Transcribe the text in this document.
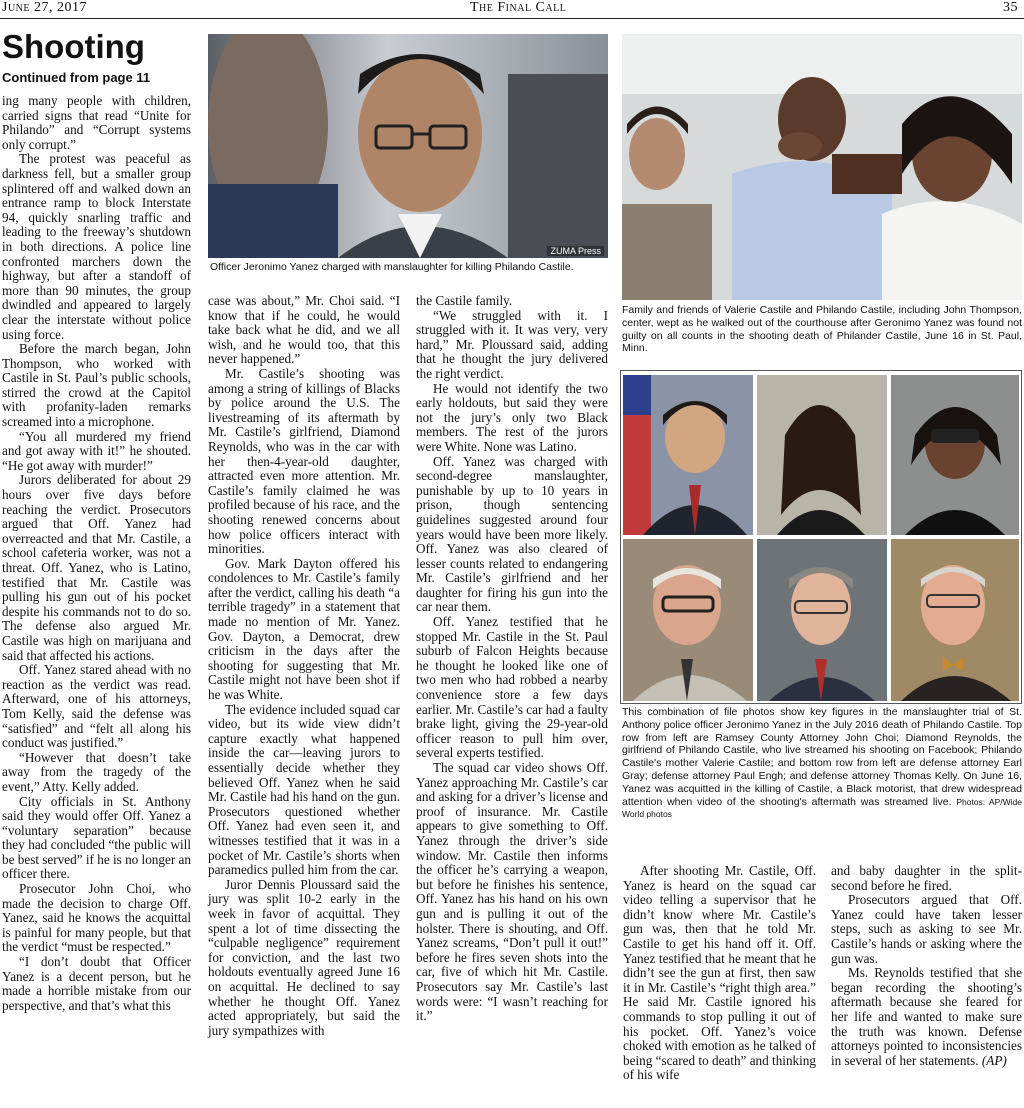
June 27, 2017	The Final Call	35
Shooting
Continued from page 11

ing many people with children, carried signs that read “Unite for Philando” and “Corrupt systems only corrupt.”

The protest was peaceful as darkness fell, but a smaller group splintered off and walked down an entrance ramp to block Interstate 94, quickly snarling traffic and leading to the freeway’s shutdown in both directions. A police line confronted marchers down the highway, but after a standoff of more than 90 minutes, the group dwindled and appeared to largely clear the interstate without police using force.

Before the march began, John Thompson, who worked with Castile in St. Paul’s public schools, stirred the crowd at the Capitol with profanity-laden remarks screamed into a microphone.

“You all murdered my friend and got away with it!” he shouted. “He got away with murder!”

Jurors deliberated for about 29 hours over five days before reaching the verdict. Prosecutors argued that Off. Yanez had overreacted and that Mr. Castile, a school cafeteria worker, was not a threat. Off. Yanez, who is Latino, testified that Mr. Castile was pulling his gun out of his pocket despite his commands not to do so. The defense also argued Mr. Castile was high on marijuana and said that affected his actions.

Off. Yanez stared ahead with no reaction as the verdict was read. Afterward, one of his attorneys, Tom Kelly, said the defense was “satisfied” and “felt all along his conduct was justified.”

“However that doesn’t take away from the tragedy of the event,” Atty. Kelly added.

City officials in St. Anthony said they would offer Off. Yanez a “voluntary separation” because they had concluded “the public will be best served” if he is no longer an officer there.

Prosecutor John Choi, who made the decision to charge Off. Yanez, said he knows the acquittal is painful for many people, but that the verdict “must be respected.”

“I don’t doubt that Officer Yanez is a decent person, but he made a horrible mistake from our perspective, and that’s what this

ZUMA Press
Officer Jeronimo Yanez charged with manslaughter for killing Philando Castile.
Family and friends of Valerie Castile and Philando Castile, including John Thompson, center, wept as he walked out of the courthouse after Geronimo Yanez was found not guilty on all counts in the shooting death of Philander Castile, June 16 in St. Paul, Minn.
This combination of file photos show key figures in the manslaughter trial of St. Anthony police officer Jeronimo Yanez in the July 2016 death of Philando Castile. Top row from left are Ramsey County Attorney John Choi; Diamond Reynolds, the girlfriend of Philando Castile, who live streamed his shooting on Facebook; Philando Castile's mother Valerie Castile; and bottom row from left are defense attorney Earl Gray; defense attorney Paul Engh; and defense attorney Thomas Kelly. On June 16, Yanez was acquitted in the killing of Castile, a Black motorist, that drew widespread attention when video of the shooting's aftermath was streamed live. Photos: AP/Wide World photos

case was about,” Mr. Choi said. “I know that if he could, he would take back what he did, and we all wish, and he would too, that this never happened.”

Mr. Castile’s shooting was among a string of killings of Blacks by police around the U.S. The livestreaming of its aftermath by Mr. Castile’s girlfriend, Diamond Reynolds, who was in the car with her then-4-year-old daughter, attracted even more attention. Mr. Castile’s family claimed he was profiled because of his race, and the shooting renewed concerns about how police officers interact with minorities.

Gov. Mark Dayton offered his condolences to Mr. Castile’s family after the verdict, calling his death “a terrible tragedy” in a statement that made no mention of Mr. Yanez. Gov. Dayton, a Democrat, drew criticism in the days after the shooting for suggesting that Mr. Castile might not have been shot if he was White.

The evidence included squad car video, but its wide view didn’t capture exactly what happened inside the car—leaving jurors to essentially decide whether they believed Off. Yanez when he said Mr. Castile had his hand on the gun. Prosecutors questioned whether Off. Yanez had even seen it, and witnesses testified that it was in a pocket of Mr. Castile’s shorts when paramedics pulled him from the car.

Juror Dennis Ploussard said the jury was split 10-2 early in the week in favor of acquittal. They spent a lot of time dissecting the “culpable negligence” requirement for conviction, and the last two holdouts eventually agreed June 16 on acquittal. He declined to say whether he thought Off. Yanez acted appropriately, but said the jury sympathizes with

the Castile family.

“We struggled with it. I struggled with it. It was very, very hard,” Mr. Ploussard said, adding that he thought the jury delivered the right verdict.

He would not identify the two early holdouts, but said they were not the jury’s only two Black members. The rest of the jurors were White. None was Latino.

Off. Yanez was charged with second-degree manslaughter, punishable by up to 10 years in prison, though sentencing guidelines suggested around four years would have been more likely. Off. Yanez was also cleared of lesser counts related to endangering Mr. Castile’s girlfriend and her daughter for firing his gun into the car near them.

Off. Yanez testified that he stopped Mr. Castile in the St. Paul suburb of Falcon Heights because he thought he looked like one of two men who had robbed a nearby convenience store a few days earlier. Mr. Castile’s car had a faulty brake light, giving the 29-year-old officer reason to pull him over, several experts testified.

The squad car video shows Off. Yanez approaching Mr. Castile’s car and asking for a driver’s license and proof of insurance. Mr. Castile appears to give something to Off. Yanez through the driver’s side window. Mr. Castile then informs the officer he’s carrying a weapon, but before he finishes his sentence, Off. Yanez has his hand on his own gun and is pulling it out of the holster. There is shouting, and Off. Yanez screams, “Don’t pull it out!” before he fires seven shots into the car, five of which hit Mr. Castile. Prosecutors say Mr. Castile’s last words were: “I wasn’t reaching for it.”

After shooting Mr. Castile, Off. Yanez is heard on the squad car video telling a supervisor that he didn’t know where Mr. Castile’s gun was, then that he told Mr. Castile to get his hand off it. Off. Yanez testified that he meant that he didn’t see the gun at first, then saw it in Mr. Castile’s “right thigh area.” He said Mr. Castile ignored his commands to stop pulling it out of his pocket. Off. Yanez’s voice choked with emotion as he talked of being “scared to death” and thinking of his wife

and baby daughter in the split-second before he fired.

Prosecutors argued that Off. Yanez could have taken lesser steps, such as asking to see Mr. Castile’s hands or asking where the gun was.

Ms. Reynolds testified that she began recording the shooting’s aftermath because she feared for her life and wanted to make sure the truth was known. Defense attorneys pointed to inconsistencies in several of her statements. (AP)
